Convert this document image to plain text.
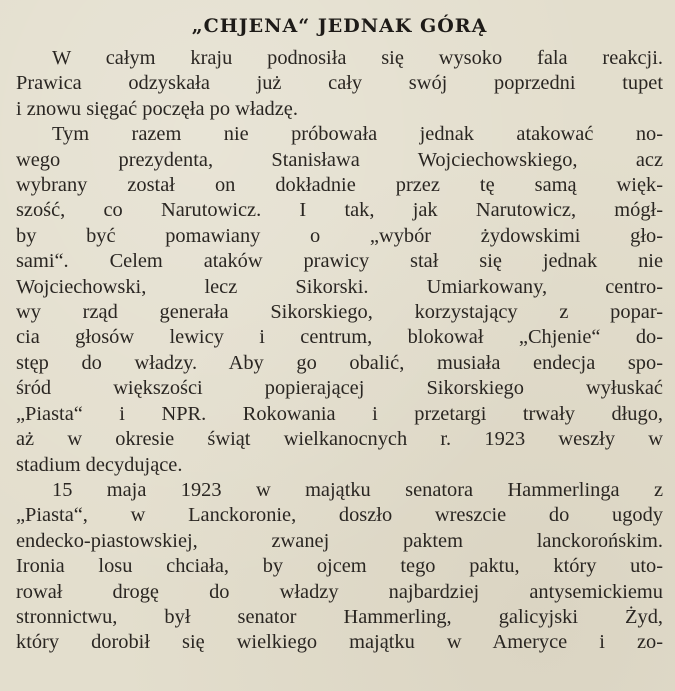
„CHJENA“ JEDNAK GÓRĄ

W całym kraju podnosiła się wysoko fala reakcji.
Prawica odzyskała już cały swój poprzedni tupet
i znowu sięgać poczęła po władzę.

Tym razem nie próbowała jednak atakować no-
wego prezydenta, Stanisława Wojciechowskiego, acz
wybrany został on dokładnie przez tę samą więk-
szość, co Narutowicz. I tak, jak Narutowicz, mógł-
by być pomawiany o „wybór żydowskimi gło-
sami“. Celem ataków prawicy stał się jednak nie
Wojciechowski, lecz Sikorski. Umiarkowany, centro-
wy rząd generała Sikorskiego, korzystający z popar-
cia głosów lewicy i centrum, blokował „Chjenie“ do-
stęp do władzy. Aby go obalić, musiała endecja spo-
śród większości popierającej Sikorskiego wyłuskać
„Piasta“ i NPR. Rokowania i przetargi trwały długo,
aż w okresie świąt wielkanocnych r. 1923 weszły w
stadium decydujące.

15 maja 1923 w majątku senatora Hammerlinga z
„Piasta“, w Lanckoronie, doszło wreszcie do ugody
endecko-piastowskiej, zwanej paktem lanckorońskim.
Ironia losu chciała, by ojcem tego paktu, który uto-
rował drogę do władzy najbardziej antysemickiemu
stronnictwu, był senator Hammerling, galicyjski Żyd,
który dorobił się wielkiego majątku w Ameryce i zo-
